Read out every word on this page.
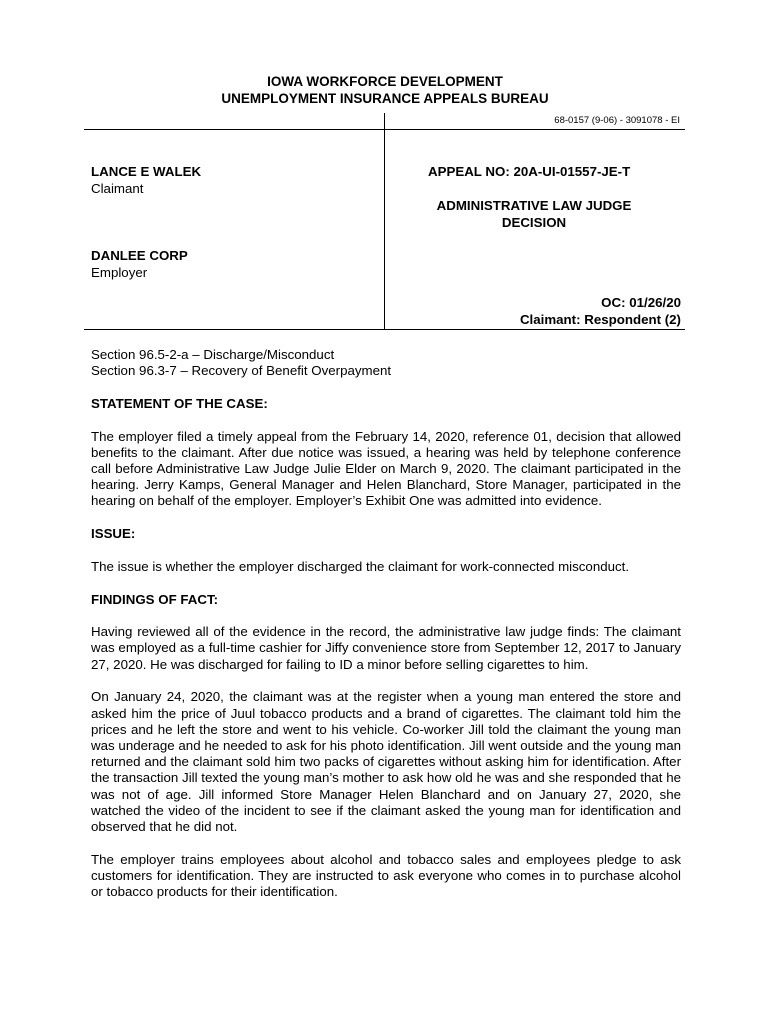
IOWA WORKFORCE DEVELOPMENT
UNEMPLOYMENT INSURANCE APPEALS BUREAU
68-0157 (9-06) - 3091078 - EI
LANCE E WALEK
Claimant
DANLEE CORP
Employer
APPEAL NO: 20A-UI-01557-JE-T
ADMINISTRATIVE LAW JUDGE
DECISION
OC: 01/26/20
Claimant: Respondent (2)

Section 96.5-2-a – Discharge/Misconduct

Section 96.3-7 – Recovery of Benefit Overpayment

STATEMENT OF THE CASE:

The employer filed a timely appeal from the February 14, 2020, reference 01, decision that allowed benefits to the claimant. After due notice was issued, a hearing was held by telephone conference call before Administrative Law Judge Julie Elder on March 9, 2020. The claimant participated in the hearing. Jerry Kamps, General Manager and Helen Blanchard, Store Manager, participated in the hearing on behalf of the employer. Employer’s Exhibit One was admitted into evidence.

ISSUE:

The issue is whether the employer discharged the claimant for work-connected misconduct.

FINDINGS OF FACT:

Having reviewed all of the evidence in the record, the administrative law judge finds: The claimant was employed as a full-time cashier for Jiffy convenience store from September 12, 2017 to January 27, 2020. He was discharged for failing to ID a minor before selling cigarettes to him.

On January 24, 2020, the claimant was at the register when a young man entered the store and asked him the price of Juul tobacco products and a brand of cigarettes. The claimant told him the prices and he left the store and went to his vehicle. Co-worker Jill told the claimant the young man was underage and he needed to ask for his photo identification. Jill went outside and the young man returned and the claimant sold him two packs of cigarettes without asking him for identification. After the transaction Jill texted the young man’s mother to ask how old he was and she responded that he was not of age. Jill informed Store Manager Helen Blanchard and on January 27, 2020, she watched the video of the incident to see if the claimant asked the young man for identification and observed that he did not.

The employer trains employees about alcohol and tobacco sales and employees pledge to ask customers for identification. They are instructed to ask everyone who comes in to purchase alcohol or tobacco products for their identification.
